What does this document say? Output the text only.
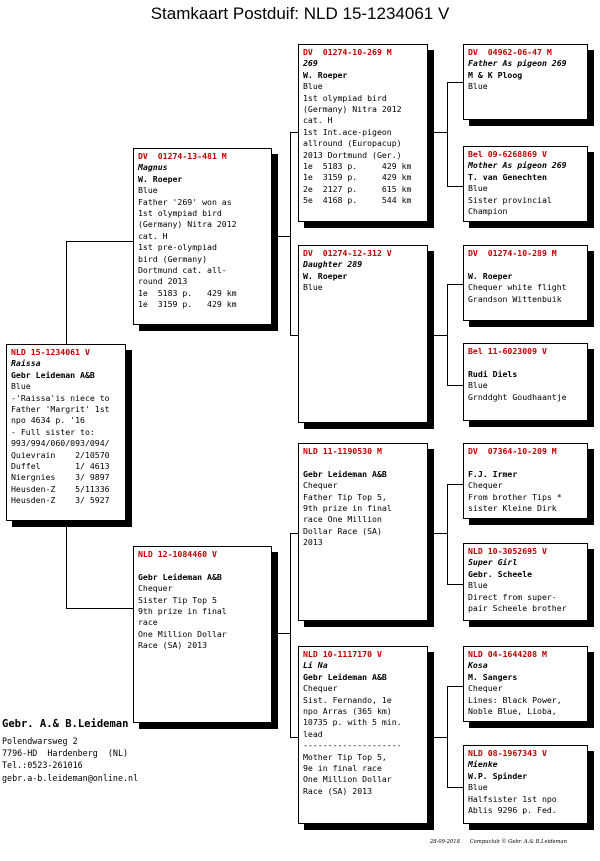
Stamkaart Postduif: NLD 15-1234061 V
NLD 15-1234061 V
Raissa
Gebr Leideman A&B
Blue
-'Raissa'is niece to
Father 'Margrit' 1st
npo 4634 p. '16
- Full sister to:
993/994/060/093/094/
Quievrain    2/10570
Duffel       1/ 4613
Niergnies    3/ 9897
Heusden-Z    5/11336
Heusden-Z    3/ 5927
DV  01274-13-481 M
Magnus
W. Roeper
Blue
Father '269' won as
1st olympiad bird
(Germany) Nitra 2012
cat. H
1st pre-olympiad
bird (Germany)
Dortmund cat. all-
round 2013
1e  5183 p.   429 km
1e  3159 p.   429 km
NLD 12-1084460 V
Gebr Leideman A&B
Chequer
Sister Tip Top 5
9th prize in final
race
One Million Dollar
Race (SA) 2013
DV  01274-10-269 M
269
W. Roeper
Blue
1st olympiad bird
(Germany) Nitra 2012
cat. H
1st Int.ace-pigeon
allround (Europacup)
2013 Dortmund (Ger.)
1e  5183 p.     429 km
1e  3159 p.     429 km
2e  2127 p.     615 km
5e  4168 p.     544 km
DV  01274-12-312 V
Daughter 289
W. Roeper
Blue
NLD 11-1190530 M
Gebr Leideman A&B
Chequer
Father Tip Top 5,
9th prize in final
race One Million
Dollar Race (SA)
2013
NLD 10-1117170 V
Li Na
Gebr Leideman A&B
Chequer
Sist. Fernando, 1e
npo Arras (365 km)
10735 p. with 5 min.
lead
--------------------
Mother Tip Top 5,
9e in final race
One Million Dollar
Race (SA) 2013
DV  04962-06-47 M
Father As pigeon 269
M & K Ploog
Blue
Bel 09-6268869 V
Mother As pigeon 269
T. van Genechten
Blue
Sister provincial
Champion
DV  01274-10-289 M
W. Roeper
Chequer white flight
Grandson Wittenbuik
Bel 11-6023009 V
Rudi Diels
Blue
Grnddght Goudhaantje
DV  07364-10-209 M
F.J. Irmer
Chequer
From brother Tips *
sister Kleine Dirk
NLD 10-3052695 V
Super Girl
Gebr. Scheele
Blue
Direct from super-
pair Scheele brother
NLD 04-1644208 M
Kosa
M. Sangers
Chequer
Lines: Black Power,
Noble Blue, Lioba,
NLD 08-1967343 V
Mienke
W.P. Spinder
Blue
Halfsister 1st npo
Ablis 9296 p. Fed.
Gebr. A.& B.Leideman
Polendwarsweg 2
7796-HD  Hardenberg  (NL)
Tel.:0523-261016
gebr.a-b.leideman@online.nl
28-09-2018      Compuclub © Gebr. A.& B.Leideman
